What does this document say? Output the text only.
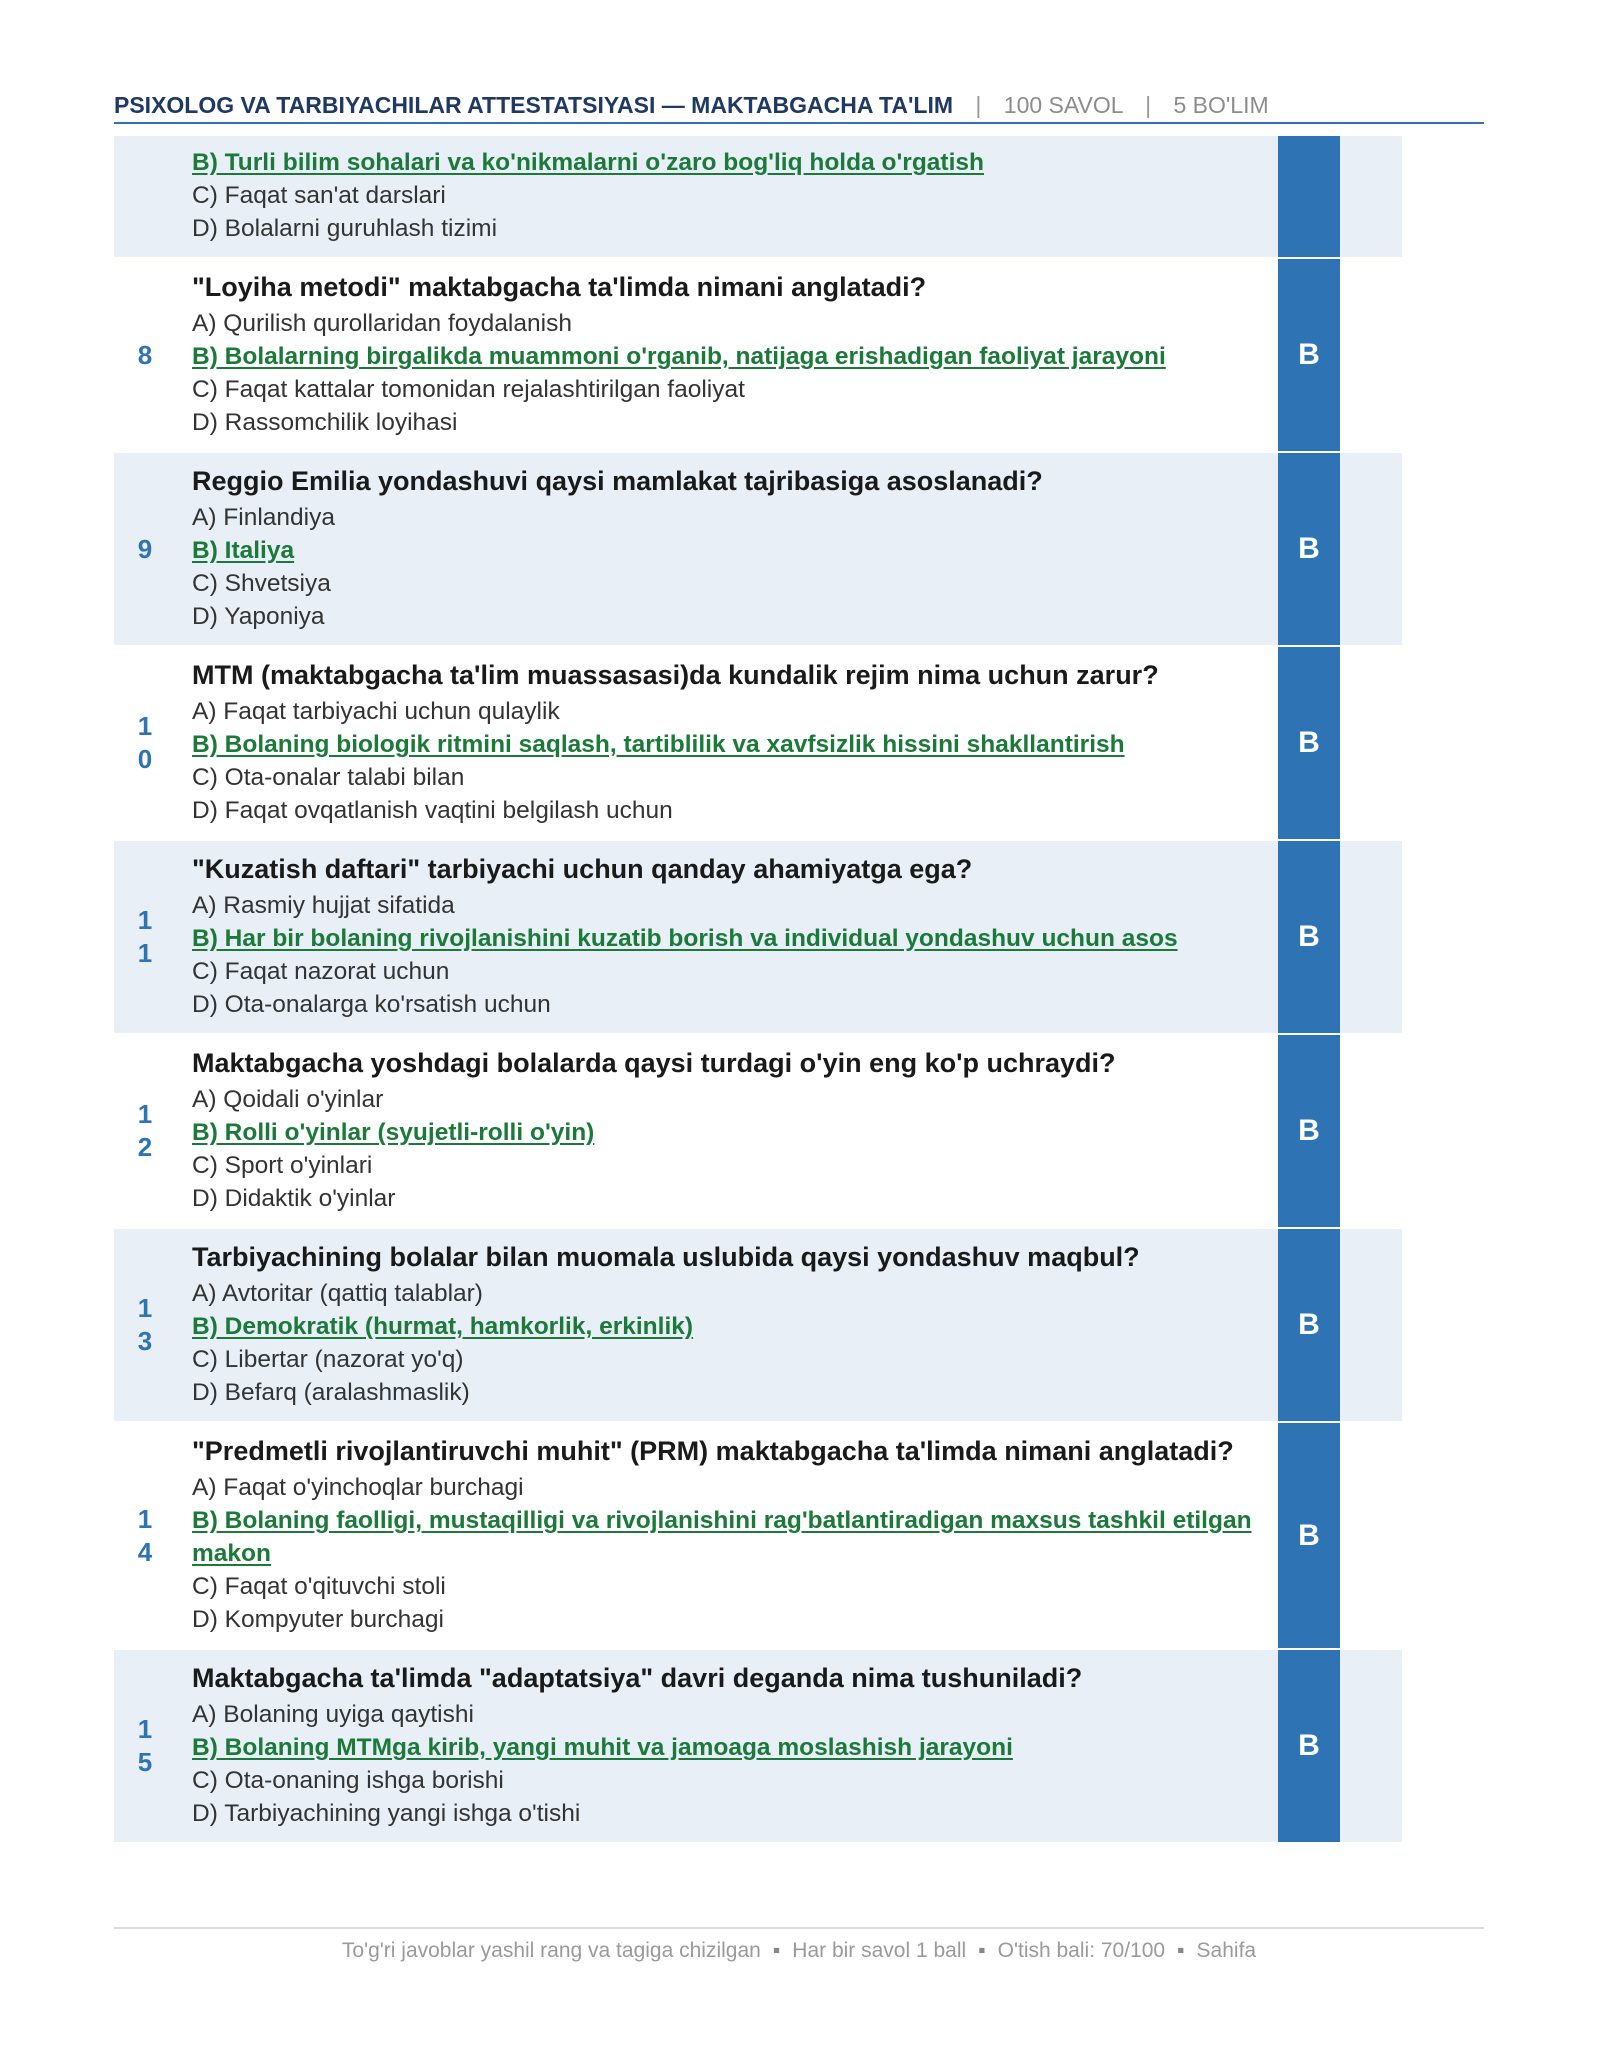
PSIXOLOG VA TARBIYACHILAR ATTESTATSIYASI — MAKTABGACHA TA'LIM | 100 SAVOL | 5 BO'LIM
B) Turli bilim sohalari va ko'nikmalarni o'zaro bog'liq holda o'rgatish
C) Faqat san'at darslari
D) Bolalarni guruhlash tizimi
8
"Loyiha metodi" maktabgacha ta'limda nimani anglatadi?
A) Qurilish qurollaridan foydalanish
B) Bolalarning birgalikda muammoni o'rganib, natijaga erishadigan faoliyat jarayoni
C) Faqat kattalar tomonidan rejalashtirilgan faoliyat
D) Rassomchilik loyihasi
B
9
Reggio Emilia yondashuvi qaysi mamlakat tajribasiga asoslanadi?
A) Finlandiya
B) Italiya
C) Shvetsiya
D) Yaponiya
B
10
MTM (maktabgacha ta'lim muassasasi)da kundalik rejim nima uchun zarur?
A) Faqat tarbiyachi uchun qulaylik
B) Bolaning biologik ritmini saqlash, tartiblilik va xavfsizlik hissini shakllantirish
C) Ota-onalar talabi bilan
D) Faqat ovqatlanish vaqtini belgilash uchun
B
11
"Kuzatish daftari" tarbiyachi uchun qanday ahamiyatga ega?
A) Rasmiy hujjat sifatida
B) Har bir bolaning rivojlanishini kuzatib borish va individual yondashuv uchun asos
C) Faqat nazorat uchun
D) Ota-onalarga ko'rsatish uchun
B
12
Maktabgacha yoshdagi bolalarda qaysi turdagi o'yin eng ko'p uchraydi?
A) Qoidali o'yinlar
B) Rolli o'yinlar (syujetli-rolli o'yin)
C) Sport o'yinlari
D) Didaktik o'yinlar
B
13
Tarbiyachining bolalar bilan muomala uslubida qaysi yondashuv maqbul?
A) Avtoritar (qattiq talablar)
B) Demokratik (hurmat, hamkorlik, erkinlik)
C) Libertar (nazorat yo'q)
D) Befarq (aralashmaslik)
B
14
"Predmetli rivojlantiruvchi muhit" (PRM) maktabgacha ta'limda nimani anglatadi?
A) Faqat o'yinchoqlar burchagi
B) Bolaning faolligi, mustaqilligi va rivojlanishini rag'batlantiradigan maxsus tashkil etilgan makon
C) Faqat o'qituvchi stoli
D) Kompyuter burchagi
B
15
Maktabgacha ta'limda "adaptatsiya" davri deganda nima tushuniladi?
A) Bolaning uyiga qaytishi
B) Bolaning MTMga kirib, yangi muhit va jamoaga moslashish jarayoni
C) Ota-onaning ishga borishi
D) Tarbiyachining yangi ishga o'tishi
B
To'g'ri javoblar yashil rang va tagiga chizilgan ▪ Har bir savol 1 ball ▪ O'tish bali: 70/100 ▪ Sahifa
